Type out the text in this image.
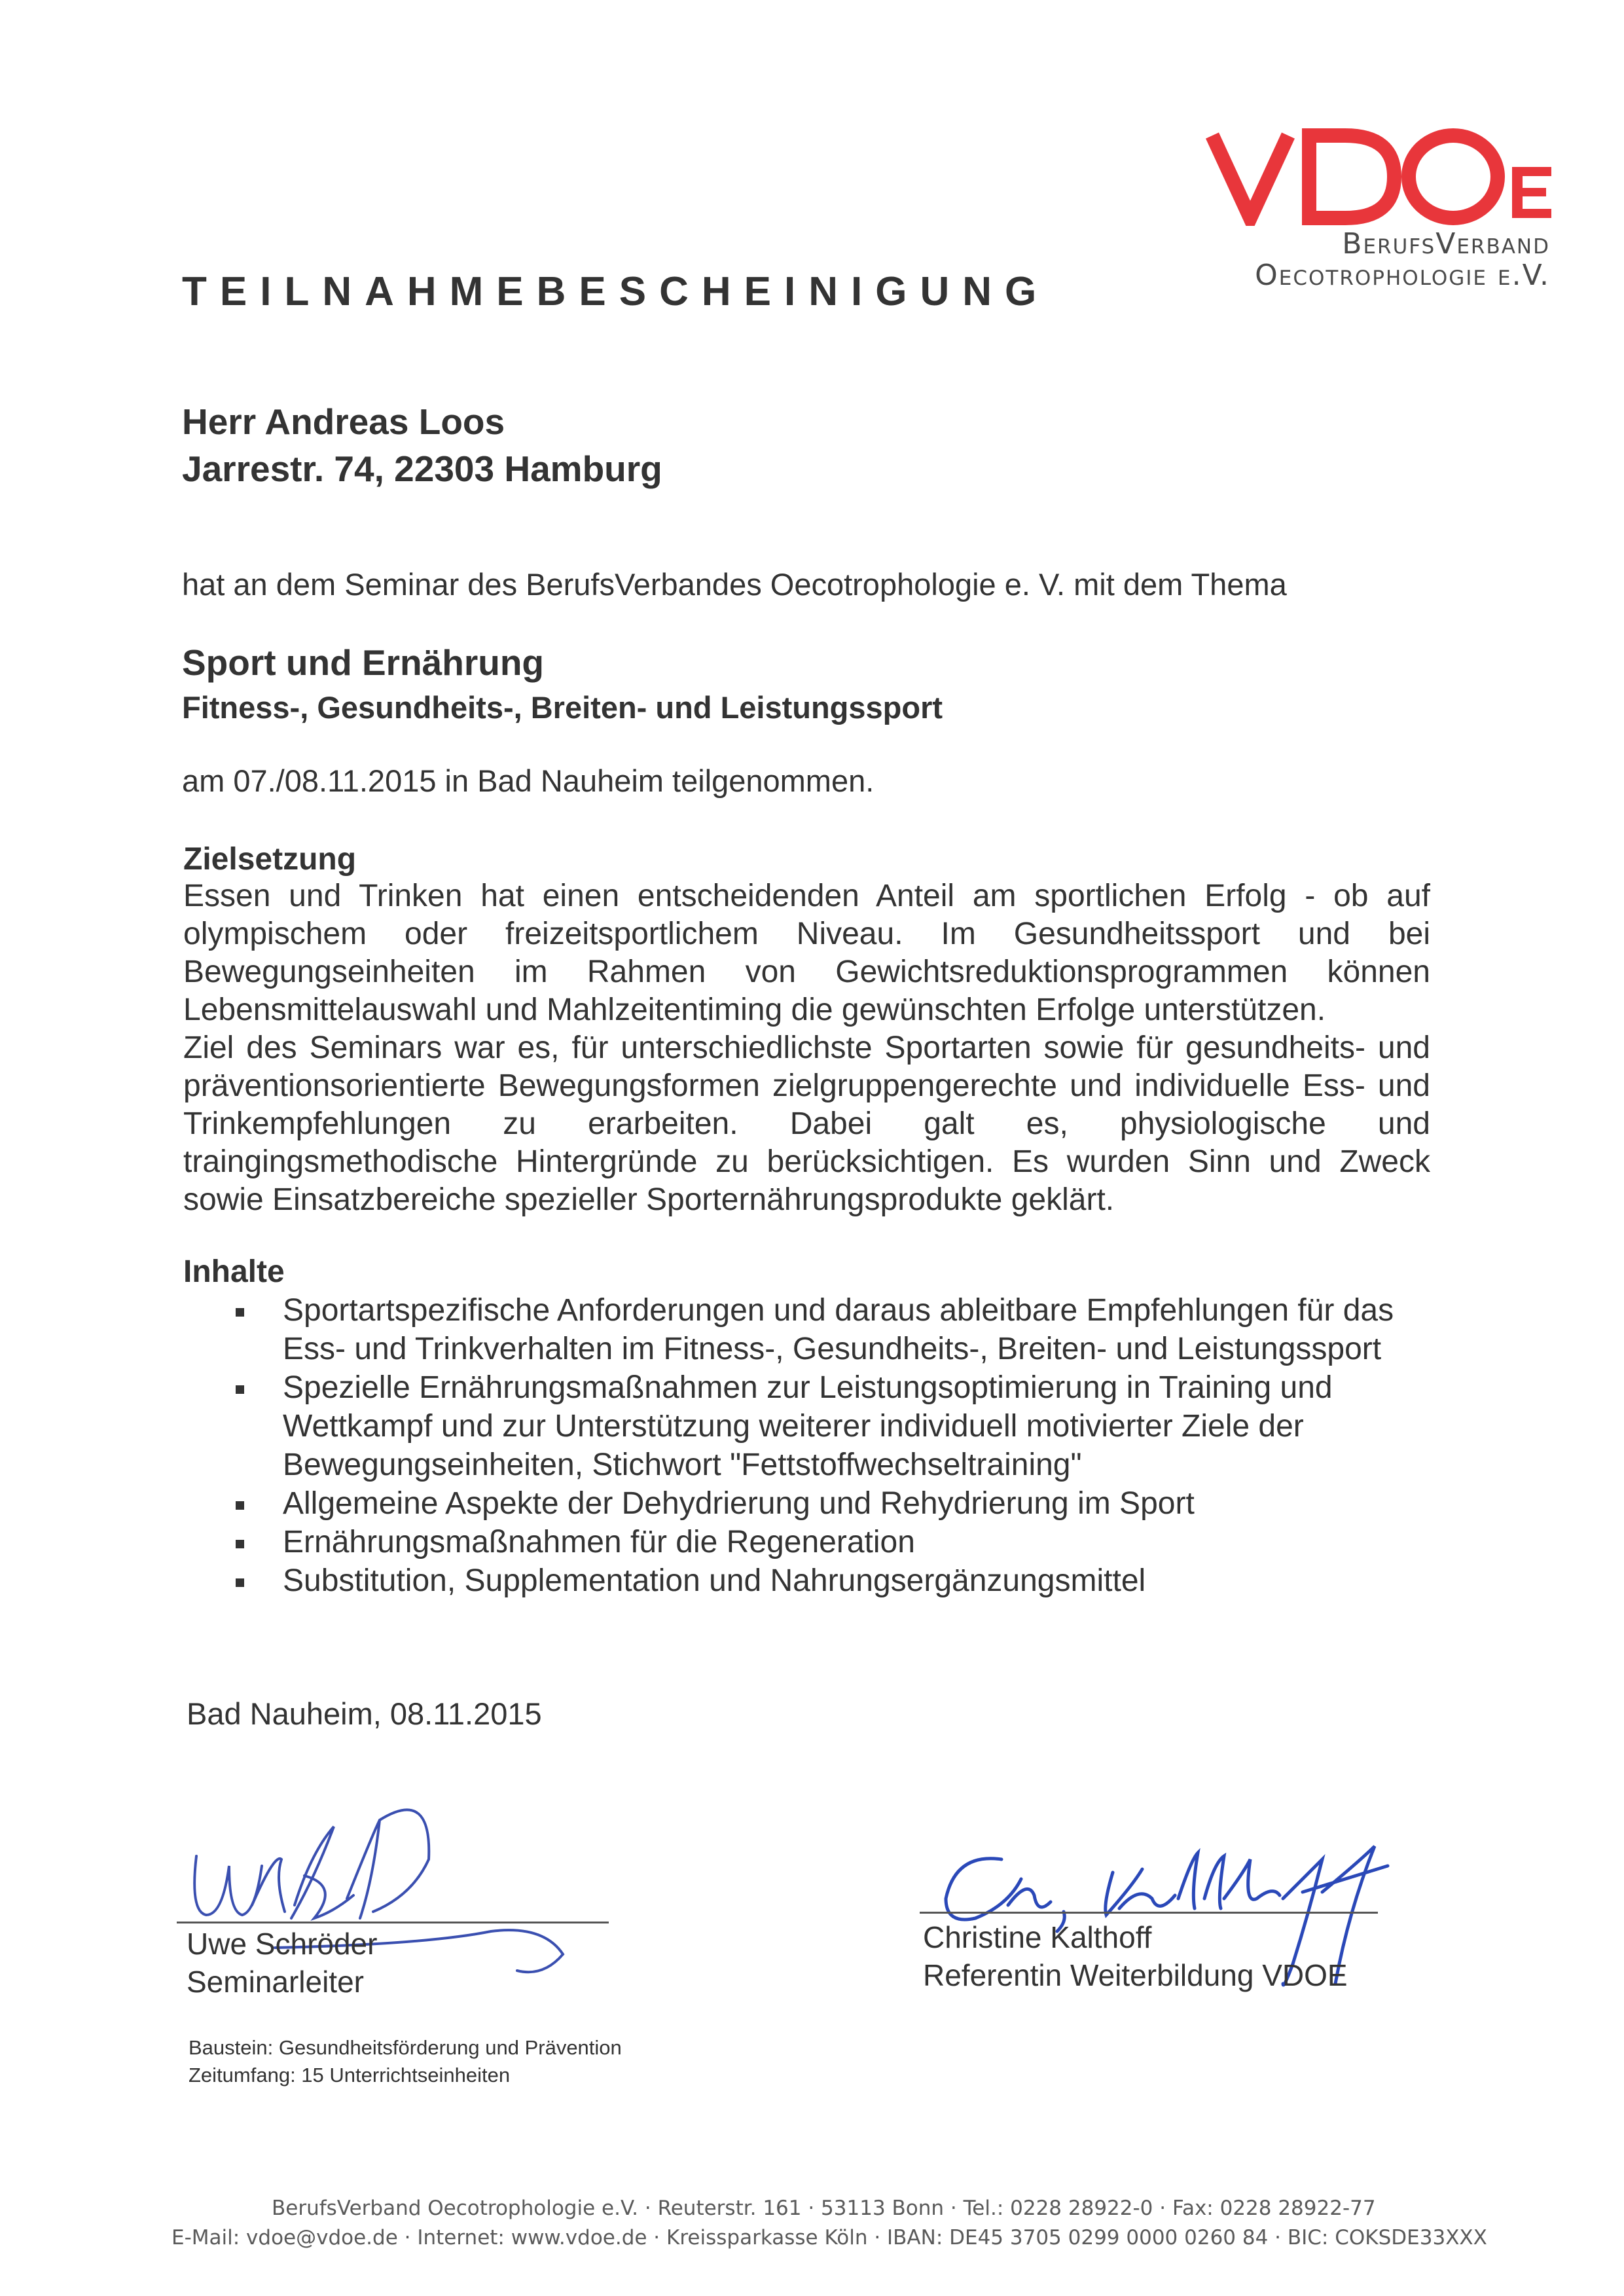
BerufsVerband
Oecotrophologie e.V.
TEILNAHMEBESCHEINIGUNG
Herr Andreas Loos
Jarrestr. 74, 22303 Hamburg
hat an dem Seminar des BerufsVerbandes Oecotrophologie e. V. mit dem Thema
Sport und Ernährung
Fitness-, Gesundheits-, Breiten- und Leistungssport
am 07./08.11.2015 in Bad Nauheim teilgenommen.
Zielsetzung

Essen und Trinken hat einen entscheidenden Anteil am sportlichen Erfolg - ob auf olympischem oder freizeitsportlichem Niveau. Im Gesundheitssport und bei Bewegungseinheiten im Rahmen von Gewichtsreduktionsprogrammen können Lebensmittelauswahl und Mahlzeitentiming die gewünschten Erfolge unterstützen.

Ziel des Seminars war es, für unterschiedlichste Sportarten sowie für gesundheits- und präventionsorientierte Bewegungsformen zielgruppengerechte und individuelle Ess- und Trinkempfehlungen zu erarbeiten. Dabei galt es, physiologische und traingingsmethodische Hintergründe zu berücksichtigen. Es wurden Sinn und Zweck sowie Einsatzbereiche spezieller Sporternährungsprodukte geklärt.

Inhalte
Sportartspezifische Anforderungen und daraus ableitbare Empfehlungen für das Ess- und Trinkverhalten im Fitness-, Gesundheits-, Breiten- und Leistungssport
Spezielle Ernährungsmaßnahmen zur Leistungsoptimierung in Training und Wettkampf und zur Unterstützung weiterer individuell motivierter Ziele der Bewegungseinheiten, Stichwort "Fettstoffwechseltraining"
Allgemeine Aspekte der Dehydrierung und Rehydrierung im Sport
Ernährungsmaßnahmen für die Regeneration
Substitution, Supplementation und Nahrungsergänzungsmittel
Bad Nauheim, 08.11.2015
Uwe Schröder
Seminarleiter
Christine Kalthoff
Referentin Weiterbildung VDOE
Baustein: Gesundheitsförderung und Prävention
Zeitumfang: 15 Unterrichtseinheiten
BerufsVerband Oecotrophologie e.V. · Reuterstr. 161 · 53113 Bonn · Tel.: 0228 28922-0 · Fax: 0228 28922-77
E-Mail: vdoe@vdoe.de · Internet: www.vdoe.de · Kreissparkasse Köln · IBAN: DE45 3705 0299 0000 0260 84 · BIC: COKSDE33XXX
